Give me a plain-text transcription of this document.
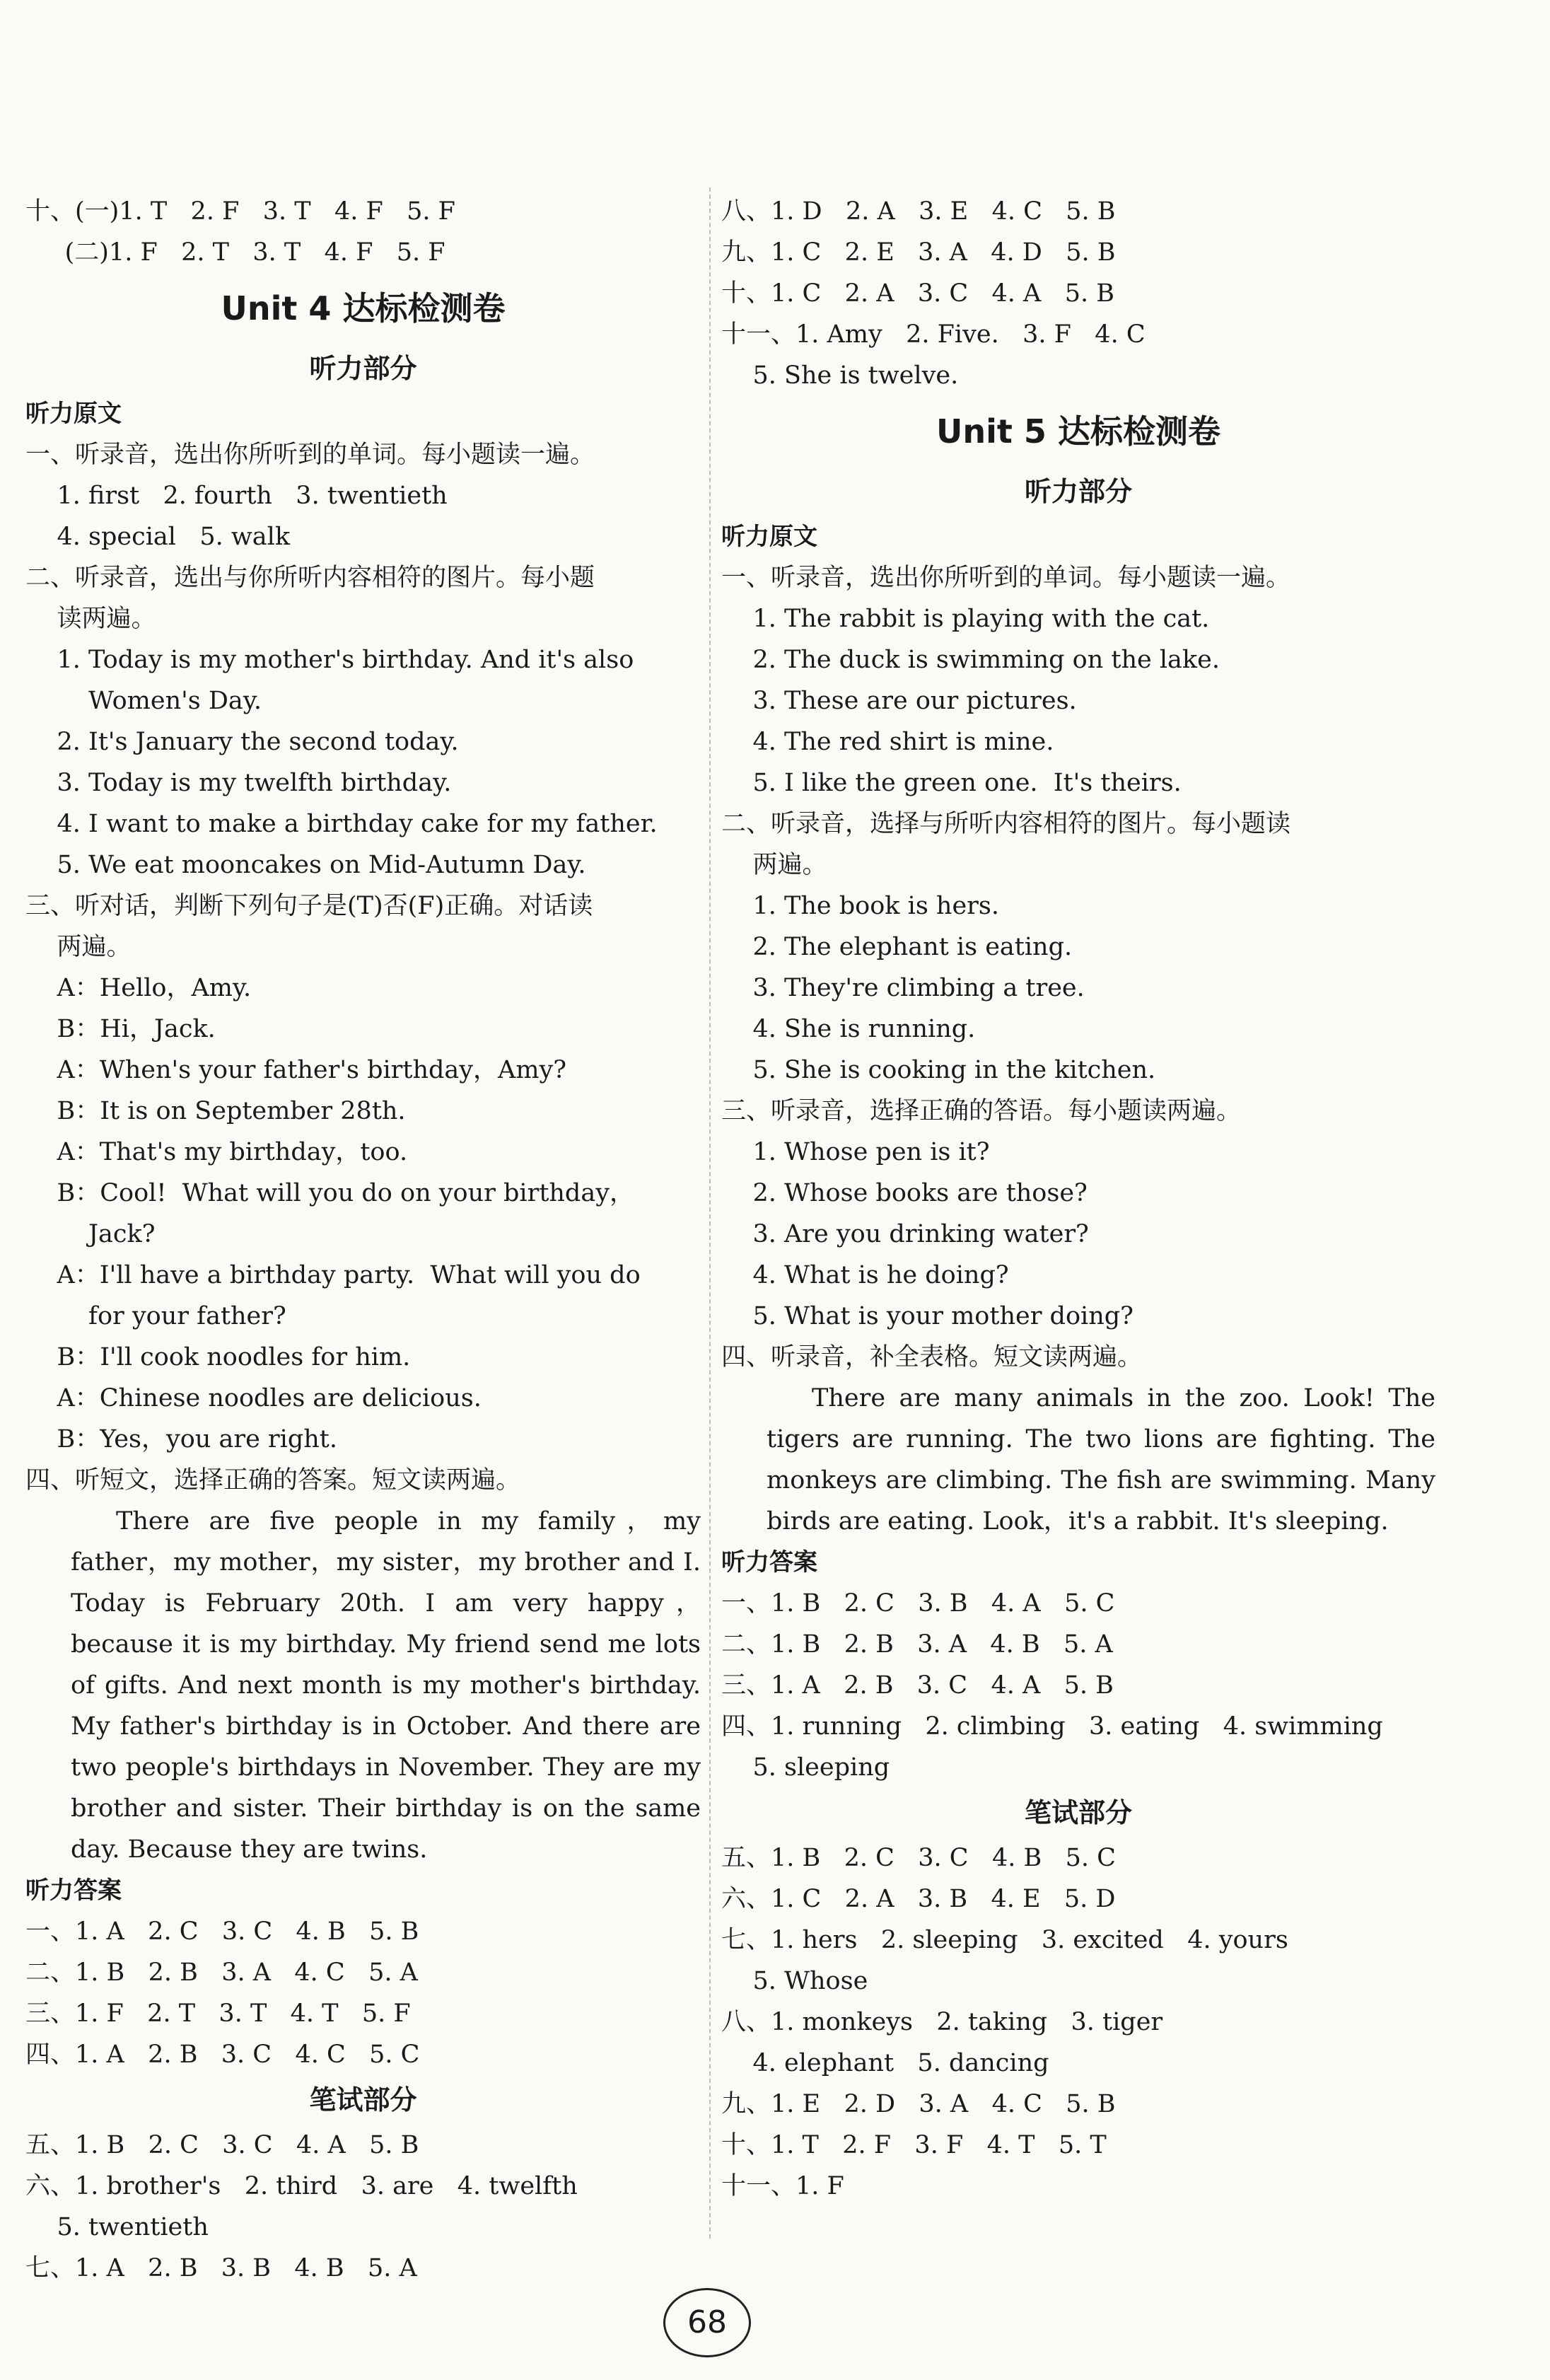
十、(一)1. T   2. F   3. T   4. F   5. F
(二)1. F   2. T   3. T   4. F   5. F
Unit 4 达标检测卷
听力部分
听力原文
一、听录音，选出你所听到的单词。每小题读一遍。
1. first   2. fourth   3. twentieth
4. special   5. walk
二、听录音，选出与你所听内容相符的图片。每小题
读两遍。
1. Today is my mother's birthday. And it's also
Women's Day.
2. It's January the second today.
3. Today is my twelfth birthday.
4. I want to make a birthday cake for my father.
5. We eat mooncakes on Mid-Autumn Day.
三、听对话，判断下列句子是(T)否(F)正确。对话读
两遍。
A：Hello，Amy.
B：Hi，Jack.
A：When's your father's birthday，Amy?
B：It is on September 28th.
A：That's my birthday，too.
B：Cool!  What will you do on your birthday，
Jack?
A：I'll have a birthday party.  What will you do
for your father?
B：I'll cook noodles for him.
A：Chinese noodles are delicious.
B：Yes，you are right.
四、听短文，选择正确的答案。短文读两遍。
There are five people in my family，my father，my mother，my sister，my brother and I. Today is February 20th. I am very happy，because it is my birthday. My friend send me lots of gifts. And next month is my mother's birthday. My father's birthday is in October. And there are two people's birthdays in November. They are my brother and sister. Their birthday is on the same day. Because they are twins.
听力答案
一、1. A   2. C   3. C   4. B   5. B
二、1. B   2. B   3. A   4. C   5. A
三、1. F   2. T   3. T   4. T   5. F
四、1. A   2. B   3. C   4. C   5. C
笔试部分
五、1. B   2. C   3. C   4. A   5. B
六、1. brother's   2. third   3. are   4. twelfth
5. twentieth
七、1. A   2. B   3. B   4. B   5. A
八、1. D   2. A   3. E   4. C   5. B
九、1. C   2. E   3. A   4. D   5. B
十、1. C   2. A   3. C   4. A   5. B
十一、1. Amy   2. Five.   3. F   4. C
5. She is twelve.
Unit 5 达标检测卷
听力部分
听力原文
一、听录音，选出你所听到的单词。每小题读一遍。
1. The rabbit is playing with the cat.
2. The duck is swimming on the lake.
3. These are our pictures.
4. The red shirt is mine.
5. I like the green one.  It's theirs.
二、听录音，选择与所听内容相符的图片。每小题读
两遍。
1. The book is hers.
2. The elephant is eating.
3. They're climbing a tree.
4. She is running.
5. She is cooking in the kitchen.
三、听录音，选择正确的答语。每小题读两遍。
1. Whose pen is it?
2. Whose books are those?
3. Are you drinking water?
4. What is he doing?
5. What is your mother doing?
四、听录音，补全表格。短文读两遍。
There are many animals in the zoo. Look! The tigers are running. The two lions are fighting. The monkeys are climbing. The fish are swimming. Many birds are eating. Look，it's a rabbit. It's sleeping.
听力答案
一、1. B   2. C   3. B   4. A   5. C
二、1. B   2. B   3. A   4. B   5. A
三、1. A   2. B   3. C   4. A   5. B
四、1. running   2. climbing   3. eating   4. swimming
5. sleeping
笔试部分
五、1. B   2. C   3. C   4. B   5. C
六、1. C   2. A   3. B   4. E   5. D
七、1. hers   2. sleeping   3. excited   4. yours
5. Whose
八、1. monkeys   2. taking   3. tiger
4. elephant   5. dancing
九、1. E   2. D   3. A   4. C   5. B
十、1. T   2. F   3. F   4. T   5. T
十一、1. F
68
